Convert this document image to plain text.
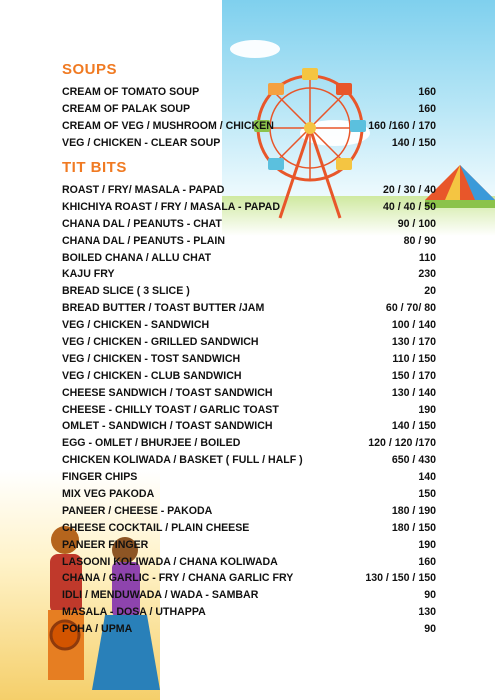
SOUPS
CREAM OF TOMATO SOUP	160
CREAM OF PALAK SOUP	160
CREAM OF VEG / MUSHROOM / CHICKEN	160 /160 / 170
VEG / CHICKEN - CLEAR SOUP	140 / 150
TIT BITS
ROAST / FRY/ MASALA - PAPAD	20 / 30 / 40
KHICHIYA ROAST / FRY / MASALA - PAPAD	40 / 40 / 50
CHANA DAL / PEANUTS - CHAT	90 / 100
CHANA DAL / PEANUTS - PLAIN	80 / 90
BOILED CHANA / ALLU CHAT	110
KAJU FRY	230
BREAD SLICE ( 3 SLICE )	20
BREAD BUTTER / TOAST BUTTER /JAM	60 / 70/ 80
VEG / CHICKEN - SANDWICH	100 / 140
VEG / CHICKEN - GRILLED SANDWICH	130 / 170
VEG / CHICKEN - TOST SANDWICH	110 / 150
VEG / CHICKEN - CLUB SANDWICH	150 / 170
CHEESE SANDWICH / TOAST SANDWICH	130 / 140
CHEESE - CHILLY TOAST / GARLIC TOAST	190
OMLET - SANDWICH / TOAST SANDWICH	140 / 150
EGG - OMLET / BHURJEE / BOILED	120 / 120 /170
CHICKEN KOLIWADA / BASKET ( FULL / HALF )	650 / 430
FINGER CHIPS	140
MIX VEG PAKODA	150
PANEER / CHEESE - PAKODA	180 / 190
CHEESE COCKTAIL / PLAIN CHEESE	180 / 150
PANEER FINGER	190
LASOONI KOLIWADA / CHANA KOLIWADA	160
CHANA / GARLIC - FRY / CHANA GARLIC FRY	130 / 150 / 150
IDLI / MENDUWADA / WADA - SAMBAR	90
MASALA - DOSA / UTHAPPA	130
POHA / UPMA	90
